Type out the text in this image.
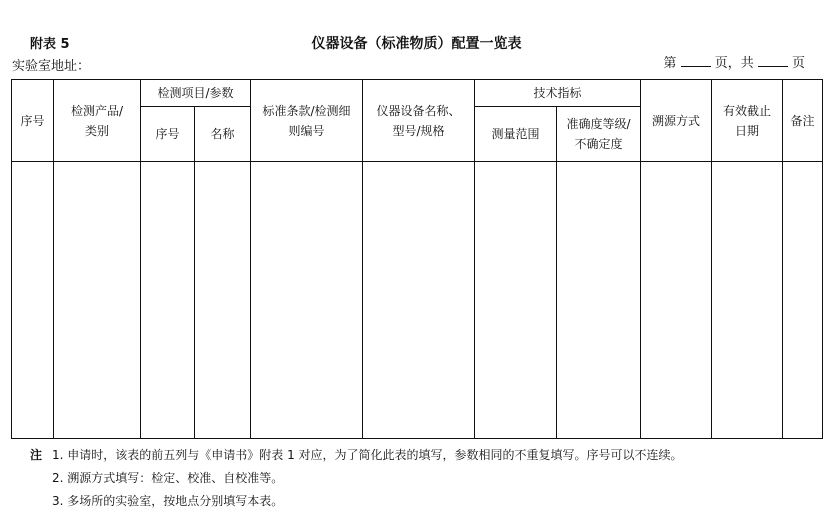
附表 5	仪器设备（标准物质）配置一览表
实验室地址：	第	页，共	页
序号	检测产品/类别	检测项目/参数		标准条款/检测细则编号	仪器设备名称、型号/规格	技术指标		溯源方式	有效截止日期	备注
		序号	名称			测量范围	准确度等级/不确定度			

注 1. 申请时，该表的前五列与《申请书》附表 1 对应，为了简化此表的填写，参数相同的不重复填写。序号可以不连续。
2. 溯源方式填写：检定、校准、自校准等。
3. 多场所的实验室，按地点分别填写本表。
